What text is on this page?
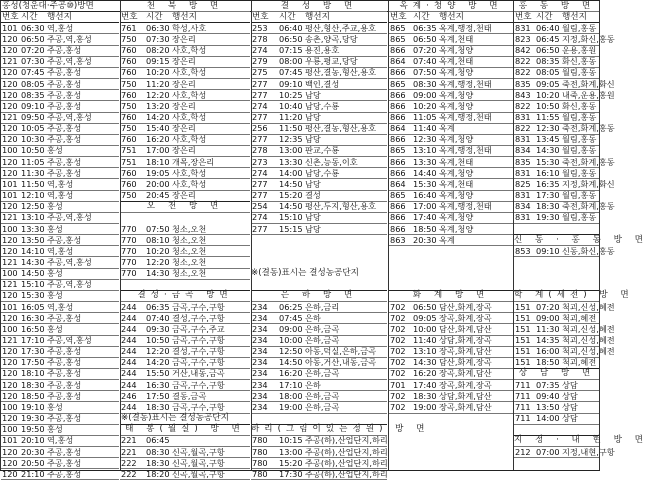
홍성(청운대·주공⑩)방면
번호 시간	행선지
101 06:30 역,홍성
120 06:50 주공,역,홍성
120 07:20 주공,홍성
121 07:30 주공,역,홍성
120 07:45 주공,홍성
120 08:05 주공,홍성
120 08:35 주공,홍성
120 09:10 주공,홍성
121 09:50 주공,역,홍성
120 10:05 주공,홍성
120 10:30 주공,홍성
100 10:50 홍성
120 11:05 주공,홍성
120 11:30 주공,홍성
101 11:50 역,홍성
101 12:10 역,홍성
120 12:50 홍성
121 13:10 주공,역,홍성
100 13:30 홍성
120 13:50 주공,홍성
120 14:10 역,홍성
121 14:30 주공,역,홍성
100 14:50 홍성
121 15:10 주공,역,홍성
120 15:30 홍성
101 16:05 역,홍성
120 16:30 주공,홍성
100 16:50 홍성
121 17:10 주공,역,홍성
120 17:30 주공,홍성
120 17:50 주공,홍성
120 18:10 주공,홍성
120 18:30 주공,홍성
120 18:50 주공,홍성
100 19:10 홍성
120 19:30 주공,홍성
100 19:50 홍성
101 20:10 역,홍성
120 20:30 주공,홍성
120 20:50 주공,홍성
120 21:10 주공,홍성
천 북 방 면
번호 시간	행선지
761	06:30 학성,사호
750	07:30 장은리
760	08:20 사호,학성
760	09:15 장은리
760	10:20 사호,학성
750	11:20 장은리
760	12:20 사호,학성
750	13:20 장은리
760	14:20 사호,학성
750	15:40 장은리
760	16:20 사호,학성
751	17:00 장은리
751	18:10 개목,장은리
760	19:05 사호,학성
760	20:00 사호,학성
750	20:45 장은리
오 천 방 면
770	07:50 청소,오천
770	08:10 청소,오천
770	10:20 청소,오천
770	12:20 청소,오천
770	14:30 청소,오천
결성·금곡 방면
244	06:35 금곡,구수,구항
244	07:40 결성,구수,구항
244	09:30 금곡,구수,주교
244	10:50 금곡,구수,구항
244	12:20 결성,구수,구항
244	14:20 금곡,구수,구항
244	15:50 거산,내동,금곡
244	16:30 금곡,구수,구항
246	17:50 결동,금곡
244	18:30 금곡,구수,구항
※(결동)표시는 결성농공단지
태 봉(월실) 방 면
221	06:45
221	08:30 신곡,월곡,구항
222	18:30 신곡,월곡,구항
222	18:20 신곡,월곡,구항
결 성 방 면
번호	시간	행선지
253	06:40 평산,형산,주교,용호
278	06:50 송촌,양곡,당당
274	07:15 용진,용호
279	08:00 우룡,평교,당당
275	07:45 평산,결농,형산,용호
277	09:10 백인,결성
277	10:25 남당
274	10:40 남당,수룡
277	11:20 남당
256	11:50 평산,결농,형산,용호
277	12:35 남당
278	13:00 판교,수룡
273	13:30 신촌,능동,이호
274	14:00 남당,수룡
277	14:50 남당
277	15:20 결성
254	14:50 평산,두지,형산,용호
274	15:10 남당
277	15:15 남당
※(결동)표시는 결성농공단지
은 하 방 면
234	06:25 은하,금리
234	07:45 은하
234	09:00 은하,금곡
234	10:00 은하,금곡
234	12:50 아동,덕실,은하,금곡
234	14:50 아동,거산,내동,금곡
234	16:20 은하,금곡
234	17:10 은하
234	18:00 은하,금곡
234	19:00 은하,금곡
하리(그림이있는정원) 방 면
780	10:15 주공(하),산업단지,하리
780	13:00 주공(하),산업단지,하리
780	15:20 주공(하),산업단지,하리
780	17:30 주공(하),산업단지,하리
옥계·청양 방 면
번호 시간	행선지
865 06:35 옥계,행정,천태
865 06:50 옥계,천태
866 07:20 옥계,청양
864 07:40 옥계,천태
866 07:50 옥계,청양
865 08:30 옥계,행정,천태
866 09:00 옥계,청양
866 10:20 옥계,청양
866 11:05 옥계,행정,천태
864 11:40 옥계
866 12:30 옥계,청양
865 13:10 옥계,행정,천태
866 13:30 옥계,천태
866 14:40 옥계,청양
864 15:30 옥계,천태
865 16:40 옥계,청양
866 17:00 옥계,행정,천태
866 17:40 옥계,청양
866 18:50 옥계,청양
863 20:30 옥계
화 계 방 면
702 06:50 담산,화계,장곡
702 09:05 장곡,화계,장곡
702 10:00 담산,화계,담산
702 11:40 상담,화계,장곡
702 13:10 장곡,화계,담산
702 14:30 담산,화계,장곡
702 16:20 장곡,화계,담산
701 17:40 장곡,화계,장곡
702 18:30 상담,화계,담산
702 19:00 장곡,화계,담산
홍 동 방 면
번호 시간	행선지
831 06:40 월림,홍동
823 06:45 지정,화신,홍동
842 06:50 운용,홍원
822 08:35 화신,홍동
822 08:05 월림,홍동
835 09:05 죽전,화계,화신
843 10:20 내죽,운용,홍원
822 10:50 화신,홍동
831 11:55 월림,홍동
822 12:30 죽전,화계,홍동
831 13:45 월림,홍동
834 14:30 월림,홍동
835 15:30 죽전,화계,홍동
831 16:10 월림,홍동
825 16:35 지정,화계,화신
831 17:30 월림,홍동
834 18:30 죽전,화계,홍동
831 19:30 월림,홍동
신 동 · 홍 동 방 면
853 09:10 신동,화신,홍동
학 계(세전) 방 면
151 07:20 척괴,신성,혜전
151 09:00 척괴,혜전
151 11:30 척괴,신성,혜전
151 14:35 척괴,신성,혜전
151 16:00 척괴,신성,혜전
151 18:50 척괴,혜전
상 담 방 면
711 07:35 상담
711 09:40 상담
711 13:50 상담
711 14:00 상담
지 정 · 내 현 방 면
212 07:00 지정,내현,구항
